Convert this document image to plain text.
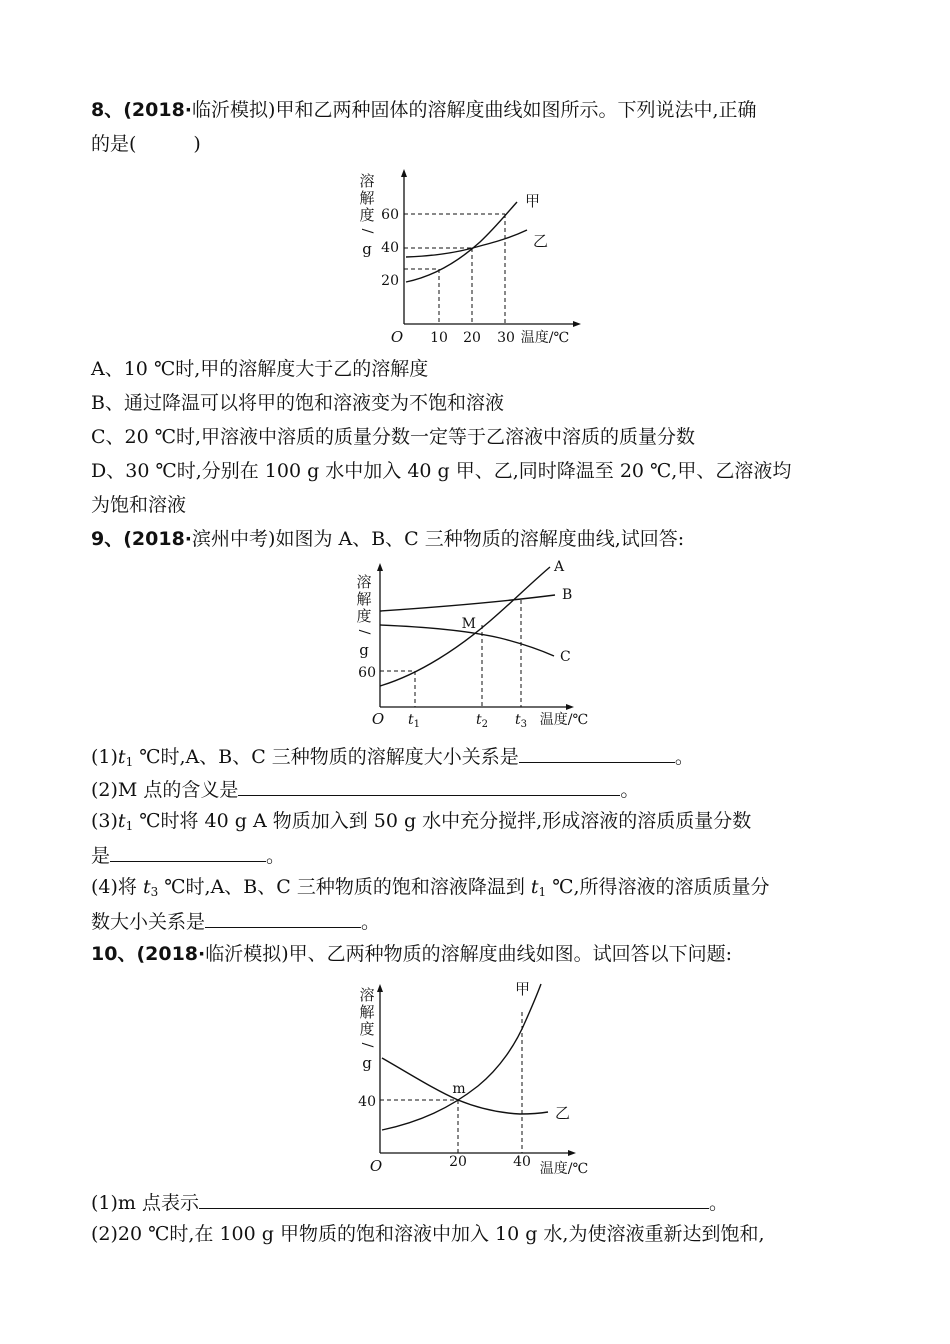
8、(2018·临沂模拟)甲和乙两种固体的溶解度曲线如图所示。下列说法中,正确
的是(　　　)
溶
解
度
/
g
O
20
40
60
10 20 30 温度/℃
甲
乙
A、10 ℃时,甲的溶解度大于乙的溶解度
B、通过降温可以将甲的饱和溶液变为不饱和溶液
C、20 ℃时,甲溶液中溶质的质量分数一定等于乙溶液中溶质的质量分数
D、30 ℃时,分别在 100 g 水中加入 40 g 甲、乙,同时降温至 20 ℃,甲、乙溶液均
为饱和溶液
9、(2018·滨州中考)如图为 A、B、C 三种物质的溶解度曲线,试回答:
溶
解
度
/
g
O
60
$t_1$	$t_2$ $t_3$ 温度/℃
A
B
C
M
$(1)t_1$ ℃时,A、B、C 三种物质的溶解度大小关系是	。
(2)M 点的含义是	。
$(3)t_1$ ℃时将 40 g A 物质加入到 50 g 水中充分搅拌,形成溶液的溶质质量分数
是	。
(4)将 $t_3$ ℃时,A、B、C 三种物质的饱和溶液降温到 $t_1$ ℃,所得溶液的溶质质量分
数大小关系是	。
10、(2018·临沂模拟)甲、乙两种物质的溶解度曲线如图。试回答以下问题:
溶
解
度
/
g
O
40
20	40 温度/℃
甲
乙
m
(1)m 点表示	。
(2)20 ℃时,在 100 g 甲物质的饱和溶液中加入 10 g 水,为使溶液重新达到饱和,
